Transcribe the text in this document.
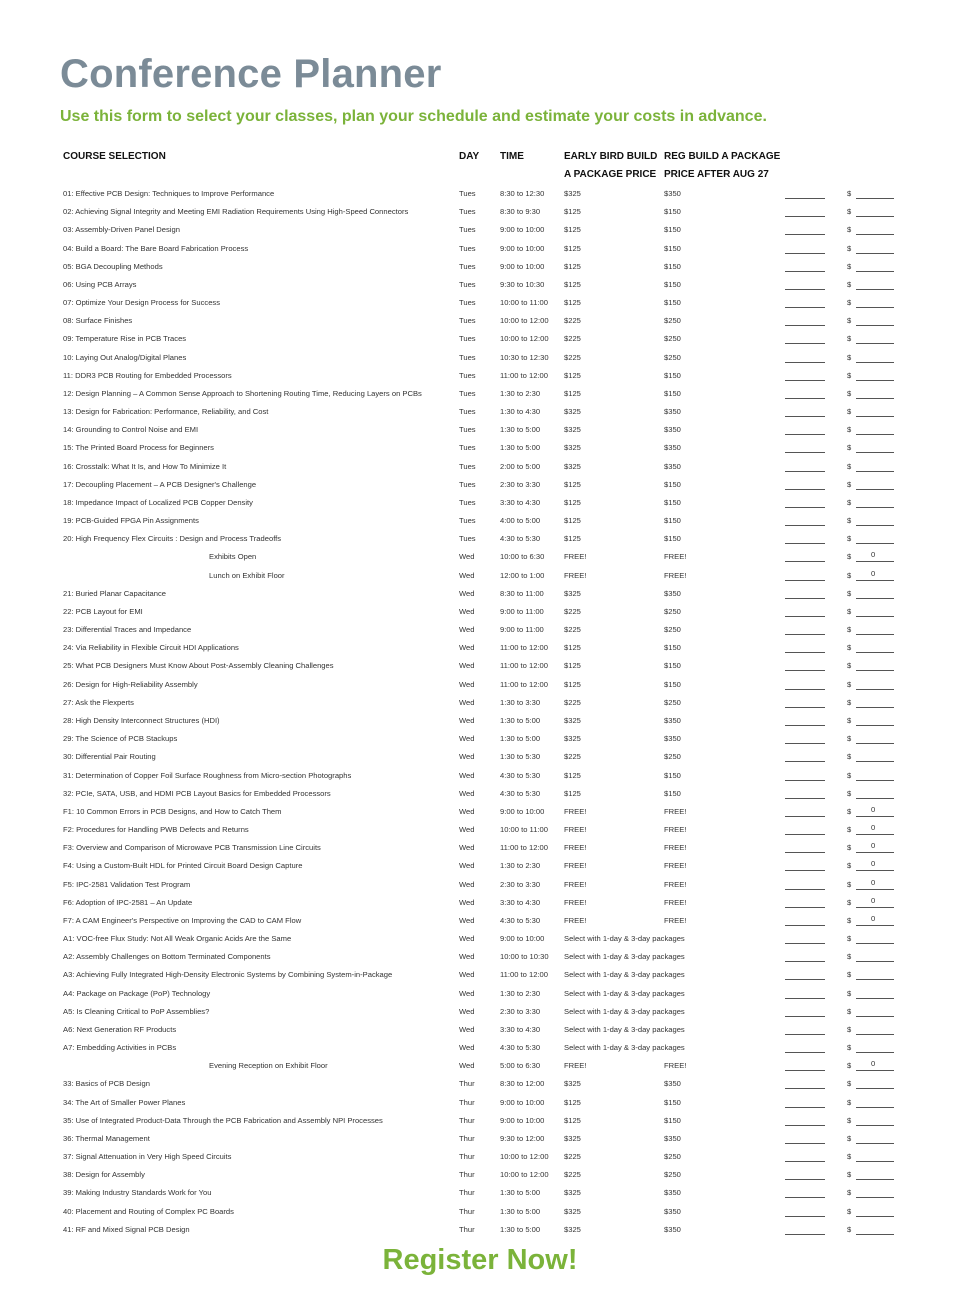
Conference Planner

Use this form to select your classes, plan your schedule and estimate your costs in advance.

COURSE SELECTION	DAY TIME	EARLY BIRD BUILD
A PACKAGE PRICE
REG BUILD A PACKAGE
PRICE AFTER AUG 27
01: Effective PCB Design: Techniques to Improve Performance	Tues	8:30 to 12:30	$325	$350	$
02: Achieving Signal Integrity and Meeting EMI Radiation Requirements Using High-Speed Connectors	Tues	8:30 to 9:30	$125	$150	$
03: Assembly-Driven Panel Design	Tues	9:00 to 10:00	$125	$150	$
04: Build a Board: The Bare Board Fabrication Process	Tues	9:00 to 10:00	$125	$150	$
05: BGA Decoupling Methods	Tues	9:00 to 10:00	$125	$150	$
06: Using PCB Arrays	Tues	9:30 to 10:30	$125	$150	$
07: Optimize Your Design Process for Success	Tues	10:00 to 11:00 $125	$150	$
08: Surface Finishes	Tues	10:00 to 12:00 $225	$250	$
09: Temperature Rise in PCB Traces	Tues	10:00 to 12:00 $225	$250	$
10: Laying Out Analog/Digital Planes	Tues	10:30 to 12:30 $225	$250	$
11: DDR3 PCB Routing for Embedded Processors	Tues	11:00 to 12:00 $125	$150	$
12: Design Planning – A Common Sense Approach to Shortening Routing Time, Reducing Layers on PCBs	Tues	1:30 to 2:30	$125	$150	$
13: Design for Fabrication: Performance, Reliability, and Cost	Tues	1:30 to 4:30	$325	$350	$
14: Grounding to Control Noise and EMI	Tues	1:30 to 5:00	$325	$350	$
15: The Printed Board Process for Beginners	Tues	1:30 to 5:00	$325	$350	$
16: Crosstalk: What It Is, and How To Minimize It	Tues	2:00 to 5:00	$325	$350	$
17: Decoupling Placement – A PCB Designer's Challenge	Tues	2:30 to 3:30	$125	$150	$
18: Impedance Impact of Localized PCB Copper Density	Tues	3:30 to 4:30	$125	$150	$
19: PCB-Guided FPGA Pin Assignments	Tues	4:00 to 5:00	$125	$150	$
20: High Frequency Flex Circuits : Design and Process Tradeoffs	Tues	4:30 to 5:30	$125	$150	$
Exhibits Open	Wed	10:00 to 6:30	FREE!	FREE!	$	0
Lunch on Exhibit Floor	Wed	12:00 to 1:00	FREE!	FREE!	$	0
21: Buried Planar Capacitance	Wed	8:30 to 11:00	$325	$350	$
22: PCB Layout for EMI	Wed	9:00 to 11:00	$225	$250	$
23: Differential Traces and Impedance	Wed	9:00 to 11:00	$225	$250	$
24: Via Reliability in Flexible Circuit HDI Applications	Wed	11:00 to 12:00 $125	$150	$
25: What PCB Designers Must Know About Post-Assembly Cleaning Challenges	Wed	11:00 to 12:00 $125	$150	$
26: Design for High-Reliability Assembly	Wed	11:00 to 12:00 $125	$150	$
27: Ask the Flexperts	Wed	1:30 to 3:30	$225	$250	$
28: High Density Interconnect Structures (HDI)	Wed	1:30 to 5:00	$325	$350	$
29: The Science of PCB Stackups	Wed	1:30 to 5:00	$325	$350	$
30: Differential Pair Routing	Wed	1:30 to 5:30	$225	$250	$
31: Determination of Copper Foil Surface Roughness from Micro-section Photographs	Wed	4:30 to 5:30	$125	$150	$
32: PCIe, SATA, USB, and HDMI PCB Layout Basics for Embedded Processors	Wed	4:30 to 5:30	$125	$150	$
F1: 10 Common Errors in PCB Designs, and How to Catch Them	Wed	9:00 to 10:00	FREE!	FREE!	$	0
F2: Procedures for Handling PWB Defects and Returns	Wed	10:00 to 11:00 FREE!	FREE!	$	0
F3: Overview and Comparison of Microwave PCB Transmission Line Circuits	Wed	11:00 to 12:00 FREE!	FREE!	$	0
F4: Using a Custom-Built HDL for Printed Circuit Board Design Capture	Wed	1:30 to 2:30	FREE!	FREE!	$	0
F5: IPC-2581 Validation Test Program	Wed	2:30 to 3:30	FREE!	FREE!	$	0
F6: Adoption of IPC-2581 – An Update	Wed	3:30 to 4:30	FREE!	FREE!	$	0
F7: A CAM Engineer's Perspective on Improving the CAD to CAM Flow	Wed	4:30 to 5:30	FREE!	FREE!	$	0
A1: VOC-free Flux Study: Not All Weak Organic Acids Are the Same	Wed	9:00 to 10:00	Select with 1-day & 3-day packages	$
A2: Assembly Challenges on Bottom Terminated Components	Wed	10:00 to 10:30 Select with 1-day & 3-day packages	$
A3: Achieving Fully Integrated High-Density Electronic Systems by Combining System-in-Package	Wed	11:00 to 12:00 Select with 1-day & 3-day packages	$
A4: Package on Package (PoP) Technology	Wed	1:30 to 2:30	Select with 1-day & 3-day packages	$
A5: Is Cleaning Critical to PoP Assemblies?	Wed	2:30 to 3:30	Select with 1-day & 3-day packages	$
A6: Next Generation RF Products	Wed	3:30 to 4:30	Select with 1-day & 3-day packages	$
A7: Embedding Activities in PCBs	Wed	4:30 to 5:30	Select with 1-day & 3-day packages	$
Evening Reception on Exhibit Floor	Wed	5:00 to 6:30	FREE!	FREE!	$	0
33: Basics of PCB Design	Thur	8:30 to 12:00	$325	$350	$
34: The Art of Smaller Power Planes	Thur	9:00 to 10:00	$125	$150	$
35: Use of Integrated Product-Data Through the PCB Fabrication and Assembly NPI Processes	Thur	9:00 to 10:00	$125	$150	$
36: Thermal Management	Thur	9:30 to 12:00	$325	$350	$
37: Signal Attenuation in Very High Speed Circuits	Thur	10:00 to 12:00 $225	$250	$
38: Design for Assembly	Thur	10:00 to 12:00 $225	$250	$
39: Making Industry Standards Work for You	Thur	1:30 to 5:00	$325	$350	$
40: Placement and Routing of Complex PC Boards	Thur	1:30 to 5:00	$325	$350	$
41: RF and Mixed Signal PCB Design	Thur	1:30 to 5:00	$325	$350	$
Register Now!
